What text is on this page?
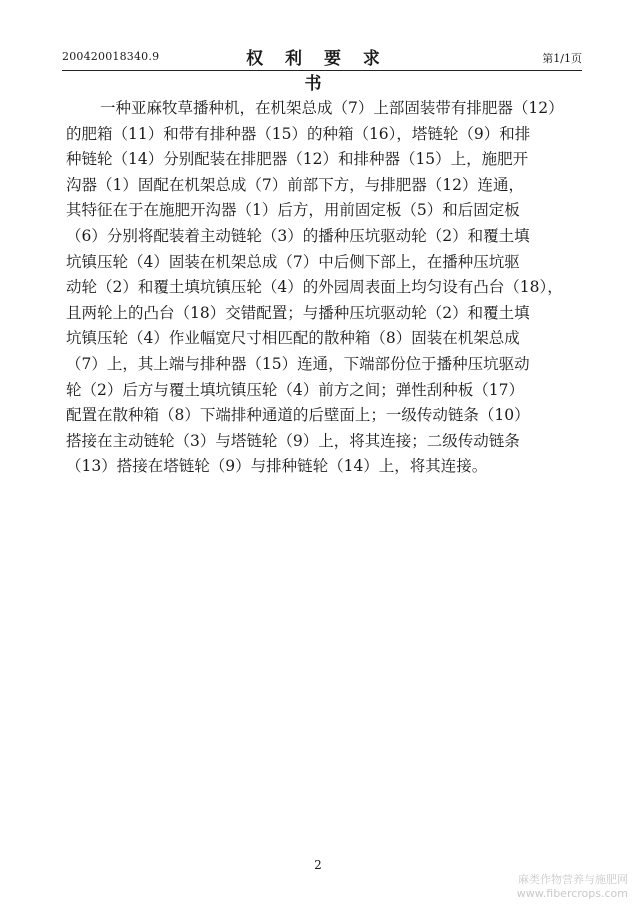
200420018340.9	权 利 要 求 书
第1/1页

一种亚麻牧草播种机，在机架总成（7）上部固装带有排肥器（12）
的肥箱（11）和带有排种器（15）的种箱（16），塔链轮（9）和排
种链轮（14）分别配装在排肥器（12）和排种器（15）上，施肥开
沟器（1）固配在机架总成（7）前部下方，与排肥器（12）连通，
其特征在于在施肥开沟器（1）后方，用前固定板（5）和后固定板
（6）分别将配装着主动链轮（3）的播种压坑驱动轮（2）和覆土填
坑镇压轮（4）固装在机架总成（7）中后侧下部上，在播种压坑驱
动轮（2）和覆土填坑镇压轮（4）的外园周表面上均匀设有凸台（18），
且两轮上的凸台（18）交错配置；与播种压坑驱动轮（2）和覆土填
坑镇压轮（4）作业幅宽尺寸相匹配的散种箱（8）固装在机架总成
（7）上，其上端与排种器（15）连通，下端部份位于播种压坑驱动
轮（2）后方与覆土填坑镇压轮（4）前方之间；弹性刮种板（17）
配置在散种箱（8）下端排种通道的后壁面上；一级传动链条（10）
搭接在主动链轮（3）与塔链轮（9）上，将其连接；二级传动链条
（13）搭接在塔链轮（9）与排种链轮（14）上，将其连接。

2
麻类作物营养与施肥网
www.fibercrops.com
